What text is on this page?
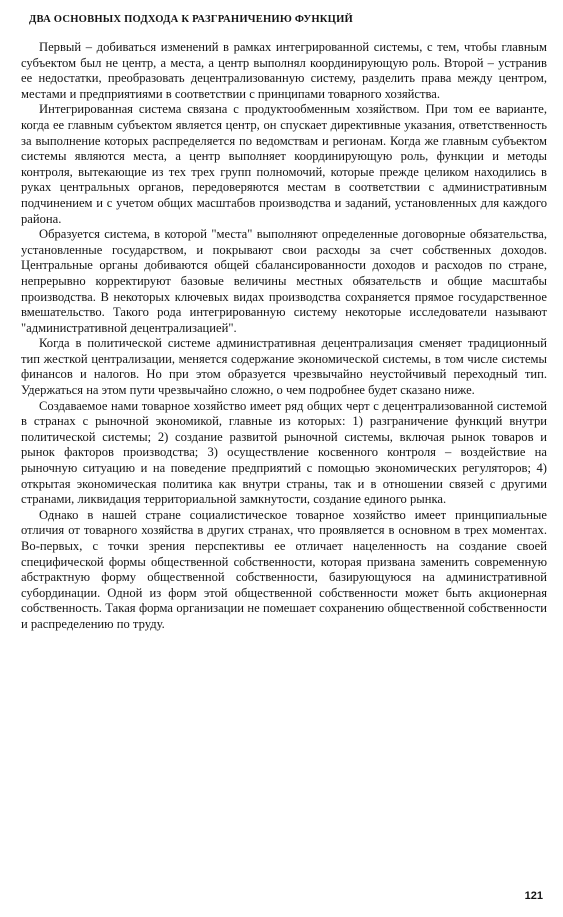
ДВА ОСНОВНЫХ ПОДХОДА К РАЗГРАНИЧЕНИЮ ФУНКЦИЙ

Первый – добиваться изменений в рамках интегрированной системы, с тем, чтобы главным субъектом был не центр, а места, а центр выполнял координирующую роль. Второй – устранив ее недостатки, преобразовать децентрализованную систему, разделить права между центром, местами и предприятиями в соответствии с принципами товарного хозяйства.

Интегрированная система связана с продуктообменным хозяйством. При том ее варианте, когда ее главным субъектом является центр, он спускает директивные указания, ответственность за выполнение которых распределяется по ведомствам и регионам. Когда же главным субъектом системы являются места, а центр выполняет координирующую роль, функции и методы контроля, вытекающие из тех трех групп полномочий, которые прежде целиком находились в руках центральных органов, передоверяются местам в соответствии с административным подчинением и с учетом общих масштабов производства и заданий, установленных для каждого района.

Образуется система, в которой "места" выполняют определенные договорные обязательства, установленные государством, и покрывают свои расходы за счет собственных доходов. Центральные органы добиваются общей сбалансированности доходов и расходов по стране, непрерывно корректируют базовые величины местных обязательств и общие масштабы производства. В некоторых ключевых видах производства сохраняется прямое государственное вмешательство. Такого рода интегрированную систему некоторые исследователи называют "административной децентрализацией".

Когда в политической системе административная децентрализация сменяет традиционный тип жесткой централизации, меняется содержание экономической системы, в том числе системы финансов и налогов. Но при этом образуется чрезвычайно неустойчивый переходный тип. Удержаться на этом пути чрезвычайно сложно, о чем подробнее будет сказано ниже.

Создаваемое нами товарное хозяйство имеет ряд общих черт с децентрализованной системой в странах с рыночной экономикой, главные из которых: 1) разграничение функций внутри политической системы; 2) создание развитой рыночной системы, включая рынок товаров и рынок факторов производства; 3) осуществление косвенного контроля – воздействие на рыночную ситуацию и на поведение предприятий с помощью экономических регуляторов; 4) открытая экономическая политика как внутри страны, так и в отношении связей с другими странами, ликвидация территориальной замкнутости, создание единого рынка.

Однако в нашей стране социалистическое товарное хозяйство имеет принципиальные отличия от товарного хозяйства в других странах, что проявляется в основном в трех моментах. Во-первых, с точки зрения перспективы ее отличает нацеленность на создание своей специфической формы общественной собственности, которая призвана заменить современную абстрактную форму общественной собственности, базирующуюся на административной субординации. Одной из форм этой общественной собственности может быть акционерная собственность. Такая форма организации не помешает сохранению общественной собственности и распределению по труду.

121
